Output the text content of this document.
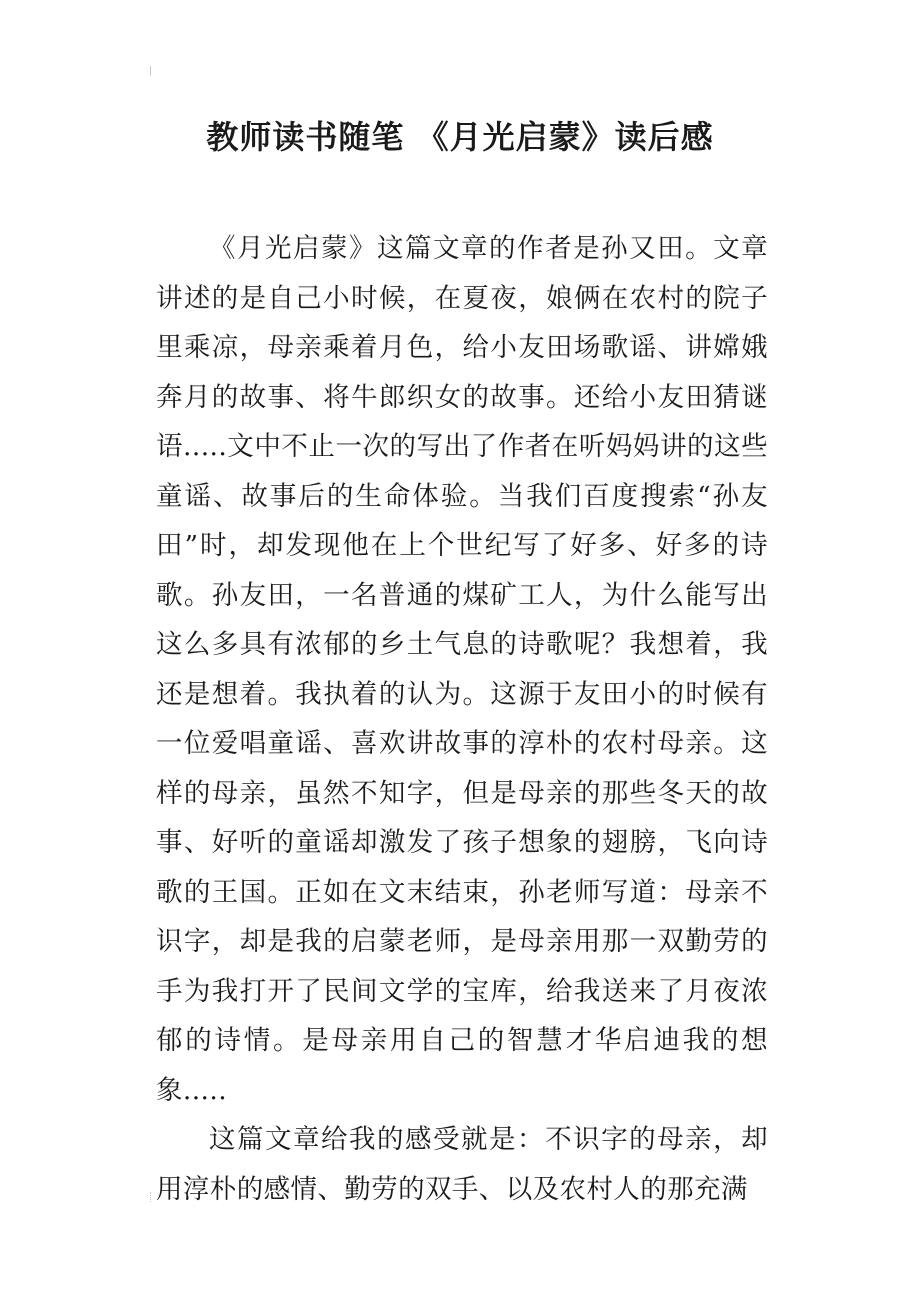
教师读书随笔 《月光启蒙》读后感

《月光启蒙》这篇文章的作者是孙又田。文章讲述的是自己小时候，在夏夜，娘俩在农村的院子里乘凉，母亲乘着月色，给小友田场歌谣、讲嫦娥奔月的故事、将牛郎织女的故事。还给小友田猜谜语.....文中不止一次的写出了作者在听妈妈讲的这些童谣、故事后的生命体验。当我们百度搜索“孙友田”时，却发现他在上个世纪写了好多、好多的诗歌。孙友田，一名普通的煤矿工人，为什么能写出这么多具有浓郁的乡土气息的诗歌呢？我想着，我还是想着。我执着的认为。这源于友田小的时候有一位爱唱童谣、喜欢讲故事的淳朴的农村母亲。这样的母亲，虽然不知字，但是母亲的那些冬天的故事、好听的童谣却激发了孩子想象的翅膀，飞向诗歌的王国。正如在文末结束，孙老师写道：母亲不识字，却是我的启蒙老师，是母亲用那一双勤劳的手为我打开了民间文学的宝库，给我送来了月夜浓郁的诗情。是母亲用自己的智慧才华启迪我的想象.....

这篇文章给我的感受就是：不识字的母亲，却用淳朴的感情、勤劳的双手、以及农村人的那充满
